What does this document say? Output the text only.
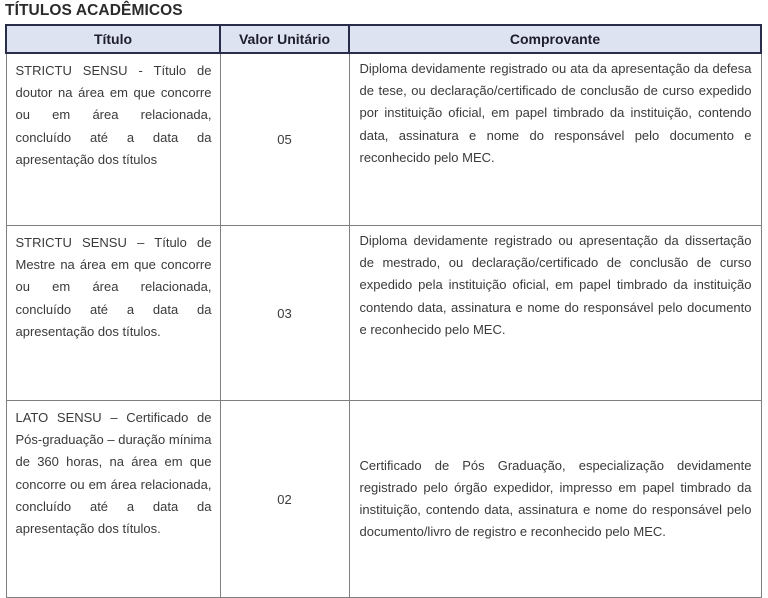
TÍTULOS ACADÊMICOS
Título	Valor Unitário	Comprovante

STRICTU SENSU - Título de doutor na área em que concorre ou em área relacionada, concluído até a data da apresentação dos títulos	05	Diploma devidamente registrado ou ata da apresentação da defesa de tese, ou declaração/certificado de conclusão de curso expedido por instituição oficial, em papel timbrado da instituição, contendo data, assinatura e nome do responsável pelo documento e reconhecido pelo MEC.

STRICTU SENSU – Título de Mestre na área em que concorre ou em área relacionada, concluído até a data da apresentação dos títulos.	03	Diploma devidamente registrado ou apresentação da dissertação de mestrado, ou declaração/certificado de conclusão de curso expedido pela instituição oficial, em papel timbrado da instituição contendo data, assinatura e nome do responsável pelo documento e reconhecido pelo MEC.

LATO SENSU – Certificado de Pós-graduação – duração mínima de 360 horas, na área em que concorre ou em área relacionada, concluído até a data da apresentação dos títulos.	02	Certificado de Pós Graduação, especialização devidamente registrado pelo órgão expedidor, impresso em papel timbrado da instituição, contendo data, assinatura e nome do responsável pelo documento/livro de registro e reconhecido pelo MEC.
